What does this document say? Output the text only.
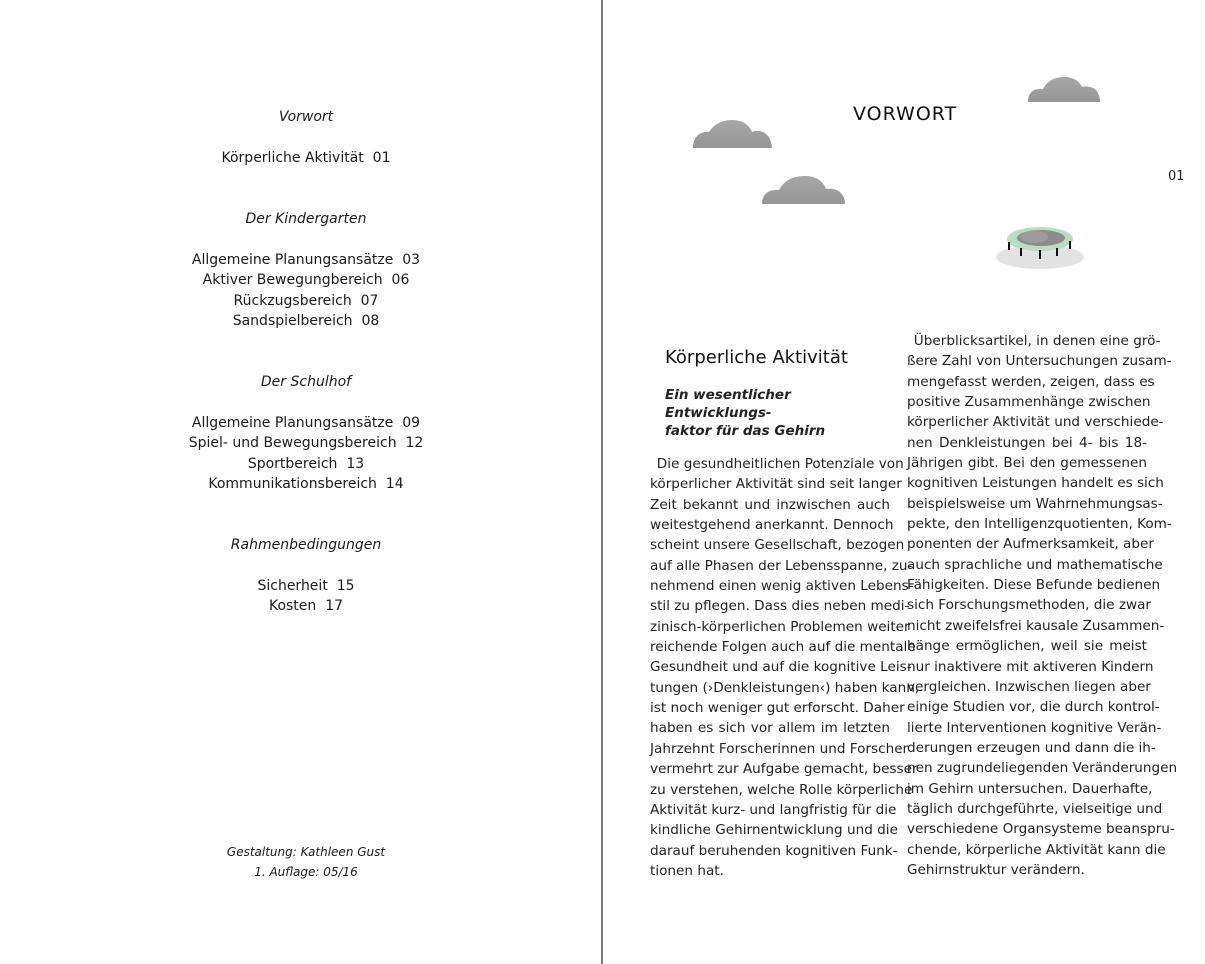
Vorwort
Körperliche Aktivität  01
Der Kindergarten
Allgemeine Planungsansätze  03
Aktiver Bewegungbereich  06
Rückzugsbereich  07
Sandspielbereich  08
Der Schulhof
Allgemeine Planungsansätze  09
Spiel- und Bewegungsbereich  12
Sportbereich  13
Kommunikationsbereich  14
Rahmenbedingungen
Sicherheit  15
Kosten  17
Gestaltung: Kathleen Gust
1. Auflage: 05/16
VORWORT
01
Körperliche Aktivität
Ein wesentlicher Entwicklungs-
faktor für das Gehirn
 Die gesundheitlichen Potenziale von
körperlicher Aktivität sind seit langer
Zeit bekannt und inzwischen auch
weitestgehend anerkannt. Dennoch
scheint unsere Gesellschaft, bezogen
auf alle Phasen der Lebensspanne, zu-
nehmend einen wenig aktiven Lebens-
stil zu pflegen. Dass dies neben medi-
zinisch-körperlichen Problemen weiter
reichende Folgen auch auf die mentale
Gesundheit und auf die kognitive Leis-
tungen (›Denkleistungen‹) haben kann,
ist noch weniger gut erforscht. Daher
haben es sich vor allem im letzten
Jahrzehnt Forscherinnen und Forscher
vermehrt zur Aufgabe gemacht, besser
zu verstehen, welche Rolle körperliche
Aktivität kurz- und langfristig für die
kindliche Gehirnentwicklung und die
darauf beruhenden kognitiven Funk-
tionen hat.
 Überblicksartikel, in denen eine grö-
ßere Zahl von Untersuchungen zusam-
mengefasst werden, zeigen, dass es
positive Zusammenhänge zwischen
körperlicher Aktivität und verschiede-
nen Denkleistungen bei 4- bis 18-
Jährigen gibt. Bei den gemessenen
kognitiven Leistungen handelt es sich
beispielsweise um Wahrnehmungsas-
pekte, den Intelligenzquotienten, Kom-
ponenten der Aufmerksamkeit, aber
auch sprachliche und mathematische
Fähigkeiten. Diese Befunde bedienen
sich Forschungsmethoden, die zwar
nicht zweifelsfrei kausale Zusammen-
hänge ermöglichen, weil sie meist
nur inaktivere mit aktiveren Kindern
vergleichen. Inzwischen liegen aber
einige Studien vor, die durch kontrol-
lierte Interventionen kognitive Verän-
derungen erzeugen und dann die ih-
nen zugrundeliegenden Veränderungen
im Gehirn untersuchen. Dauerhafte,
täglich durchgeführte, vielseitige und
verschiedene Organsysteme beanspru-
chende, körperliche Aktivität kann die
Gehirnstruktur verändern.
